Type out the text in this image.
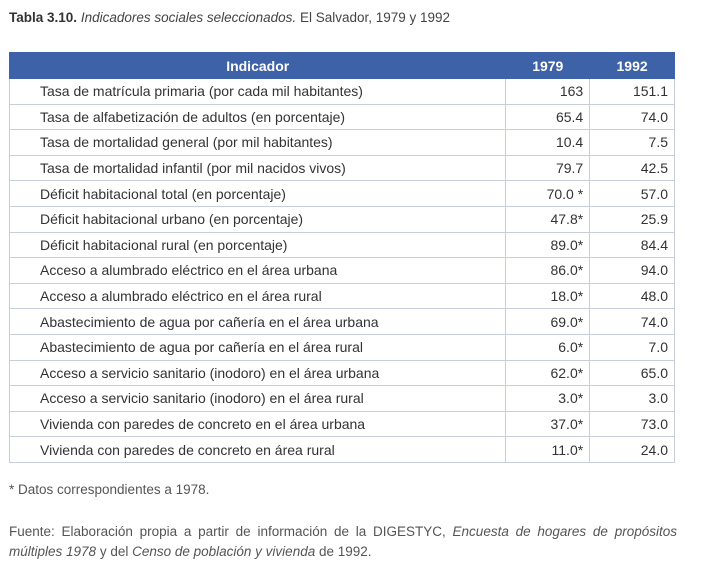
Tabla 3.10. Indicadores sociales seleccionados. El Salvador, 1979 y 1992
Indicador	1979	1992
Tasa de matrícula primaria (por cada mil habitantes)	163	151.1
Tasa de alfabetización de adultos (en porcentaje)	65.4	74.0
Tasa de mortalidad general (por mil habitantes)	10.4	7.5
Tasa de mortalidad infantil (por mil nacidos vivos)	79.7	42.5
Déficit habitacional total (en porcentaje)	70.0 *	57.0
Déficit habitacional urbano (en porcentaje)	47.8*	25.9
Déficit habitacional rural (en porcentaje)	89.0*	84.4
Acceso a alumbrado eléctrico en el área urbana	86.0*	94.0
Acceso a alumbrado eléctrico en el área rural	18.0*	48.0
Abastecimiento de agua por cañería en el área urbana	69.0*	74.0
Abastecimiento de agua por cañería en el área rural	6.0*	7.0
Acceso a servicio sanitario (inodoro) en el área urbana	62.0*	65.0
Acceso a servicio sanitario (inodoro) en el área rural	3.0*	3.0
Vivienda con paredes de concreto en el área urbana	37.0*	73.0
Vivienda con paredes de concreto en área rural	11.0*	24.0
* Datos correspondientes a 1978.
Fuente: Elaboración propia a partir de información de la DIGESTYC, Encuesta de hogares de propósitos múltiples 1978 y del Censo de población y vivienda de 1992.
